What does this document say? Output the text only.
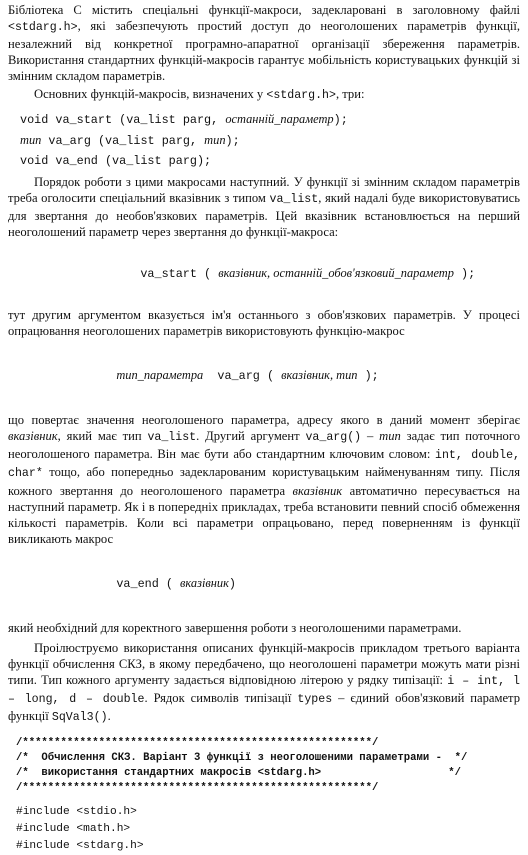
Бібліотека С містить спеціальні функції-макроси, задекларовані в заголовному файлі <stdarg.h>, які забезпечують простий доступ до неоголошених параметрів функції, незалежний від конкретної програмно-апаратної організації збереження параметрів. Використання стандартних функцій-макросів гарантує мобільність користувацьких функцій зі змінним складом параметрів.

Основних функцій-макросів, визначених у <stdarg.h>, три:

void va_start (va_list parg, останній_параметр);

тип va_arg (va_list parg, тип);

void va_end (va_list parg);

Порядок роботи з цими макросами наступний. У функції зі змінним складом параметрів треба оголосити спеціальний вказівник з типом va_list, який надалі буде використовуватись для звертання до необов'язкових параметрів. Цей вказівник встановлюється на перший неоголошений параметр через звертання до функції-макроса:

va_start ( вказівник, останній_обов'язковий_параметр );

тут другим аргументом вказується ім'я останнього з обов'язкових параметрів. У процесі опрацювання неоголошених параметрів використовують функцію-макрос

тип_параметра  va_arg ( вказівник, тип );

що повертає значення неоголошеного параметра, адресу якого в даний момент зберігає вказівник, який має тип va_list. Другий аргумент va_arg() – тип задає тип поточного неоголошеного параметра. Він має бути або стандартним ключовим словом: int, double, char* тощо, або попередньо задекларованим користувацьким найменуванням типу. Після кожного звертання до неоголошеного параметра вказівник автоматично пересувається на наступний параметр. Як і в попередніх прикладах, треба встановити певний спосіб обмеження кількості параметрів. Коли всі параметри опрацьовано, перед поверненням із функції викликають макрос

va_end ( вказівник)

який необхідний для коректного завершення роботи з неоголошеними параметрами.

Проілюструємо використання описаних функцій-макросів прикладом третього варіанта функції обчислення СКЗ, в якому передбачено, що неоголошені параметри можуть мати різні типи. Тип кожного аргументу задається відповідною літерою у рядку типізації: i – int, l – long, d – double. Рядок символів типізації types – єдиний обов'язковий параметр функції SqVal3().

/*******************************************************/

/*  Обчислення СКЗ. Варіант 3 функції з неоголошеними параметрами -  */

/*  використання стандартних макросів <stdarg.h>                    */

/*******************************************************/

#include <stdio.h>

#include <math.h>

#include <stdarg.h>
